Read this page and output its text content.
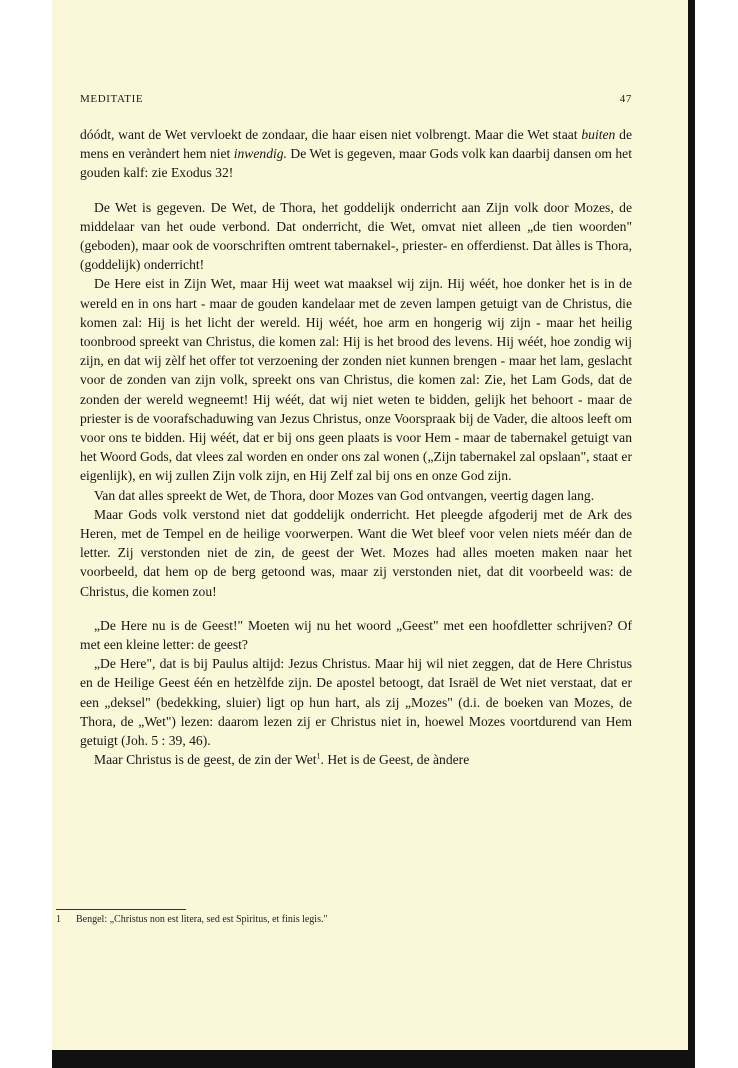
MEDITATIE	47

dóódt, want de Wet vervloekt de zondaar, die haar eisen niet volbrengt. Maar die Wet staat buiten de mens en veràndert hem niet inwendig. De Wet is gegeven, maar Gods volk kan daarbij dansen om het gouden kalf: zie Exodus 32!

De Wet is gegeven. De Wet, de Thora, het goddelijk onderricht aan Zijn volk door Mozes, de middelaar van het oude verbond. Dat onderricht, die Wet, omvat niet alleen „de tien woorden" (geboden), maar ook de voorschriften omtrent tabernakel-, priester- en offerdienst. Dat àlles is Thora, (goddelijk) onderricht!

De Here eist in Zijn Wet, maar Hij weet wat maaksel wij zijn. Hij wéét, hoe donker het is in de wereld en in ons hart - maar de gouden kandelaar met de zeven lampen getuigt van de Christus, die komen zal: Hij is het licht der wereld. Hij wéét, hoe arm en hongerig wij zijn - maar het heilig toonbrood spreekt van Christus, die komen zal: Hij is het brood des levens. Hij wéét, hoe zondig wij zijn, en dat wij zèlf het offer tot verzoening der zonden niet kunnen brengen - maar het lam, geslacht voor de zonden van zijn volk, spreekt ons van Christus, die komen zal: Zie, het Lam Gods, dat de zonden der wereld wegneemt! Hij wéét, dat wij niet weten te bidden, gelijk het behoort - maar de priester is de voorafschaduwing van Jezus Christus, onze Voorspraak bij de Vader, die altoos leeft om voor ons te bidden. Hij wéét, dat er bij ons geen plaats is voor Hem - maar de tabernakel getuigt van het Woord Gods, dat vlees zal worden en onder ons zal wonen („Zijn tabernakel zal opslaan", staat er eigenlijk), en wij zullen Zijn volk zijn, en Hij Zelf zal bij ons en onze God zijn.

Van dat alles spreekt de Wet, de Thora, door Mozes van God ontvangen, veertig dagen lang.

Maar Gods volk verstond niet dat goddelijk onderricht. Het pleegde afgoderij met de Ark des Heren, met de Tempel en de heilige voorwerpen. Want die Wet bleef voor velen niets méér dan de letter. Zij verstonden niet de zin, de geest der Wet. Mozes had alles moeten maken naar het voorbeeld, dat hem op de berg getoond was, maar zij verstonden niet, dat dit voorbeeld was: de Christus, die komen zou!

„De Here nu is de Geest!" Moeten wij nu het woord „Geest" met een hoofdletter schrijven? Of met een kleine letter: de geest?

„De Here", dat is bij Paulus altijd: Jezus Christus. Maar hij wil niet zeggen, dat de Here Christus en de Heilige Geest één en hetzèlfde zijn. De apostel betoogt, dat Israël de Wet niet verstaat, dat er een „deksel" (bedekking, sluier) ligt op hun hart, als zij „Mozes" (d.i. de boeken van Mozes, de Thora, de „Wet") lezen: daarom lezen zij er Christus niet in, hoewel Mozes voortdurend van Hem getuigt (Joh. 5 : 39, 46).

Maar Christus is de geest, de zin der Wet$^1$. Het is de Geest, de àndere

1 Bengel: „Christus non est litera, sed est Spiritus, et finis legis."
